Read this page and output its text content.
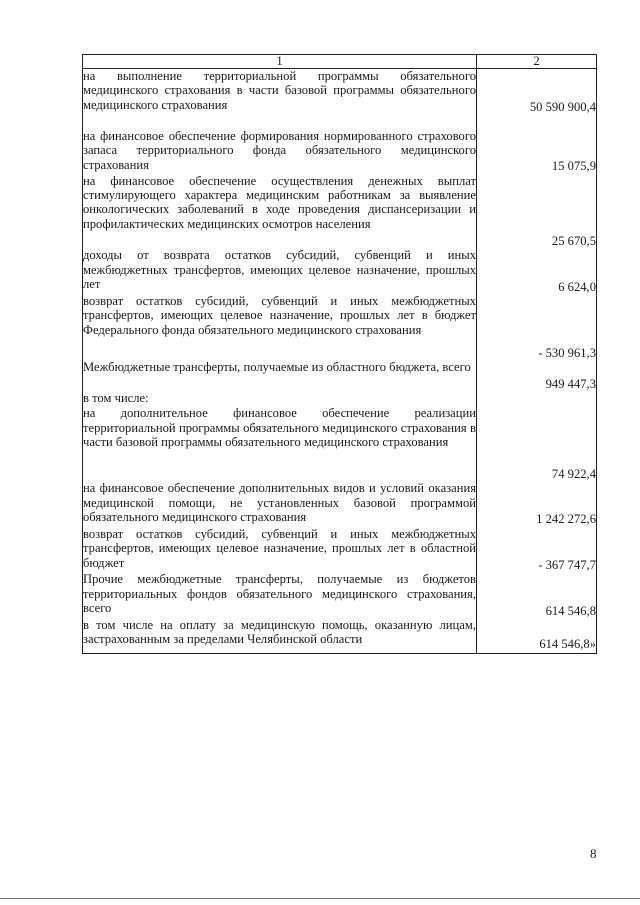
1	2

на выполнение территориальной программы обязательного медицинского страхования в части базовой программы обязательного медицинского страхования	50 590 900,4

на финансовое обеспечение формирования нормированного страхового запаса территориального фонда обязательного медицинского страхования	15 075,9

на финансовое обеспечение осуществления денежных выплат стимулирующего характера медицинским работникам за выявление онкологических заболеваний в ходе проведения диспансеризации и профилактических медицинских осмотров населения	25 670,5

доходы от возврата остатков субсидий, субвенций и иных межбюджетных трансфертов, имеющих целевое назначение, прошлых лет	6 624,0

возврат остатков субсидий, субвенций и иных межбюджетных трансфертов, имеющих целевое назначение, прошлых лет в бюджет Федерального фонда обязательного медицинского страхования	- 530 961,3

Межбюджетные трансферты, получаемые из областного бюджета, всего	949 447,3

в том числе:	

на дополнительное финансовое обеспечение реализации территориальной программы обязательного медицинского страхования в части базовой программы обязательного медицинского страхования	74 922,4

на финансовое обеспечение дополнительных видов и условий оказания медицинской помощи, не установленных базовой программой обязательного медицинского страхования	1 242 272,6

возврат остатков субсидий, субвенций и иных межбюджетных трансфертов, имеющих целевое назначение, прошлых лет в областной бюджет	- 367 747,7

Прочие межбюджетные трансферты, получаемые из бюджетов территориальных фондов обязательного медицинского страхования, всего	614 546,8

в том числе на оплату за медицинскую помощь, оказанную лицам, застрахованным за пределами Челябинской области	614 546,8»
8
